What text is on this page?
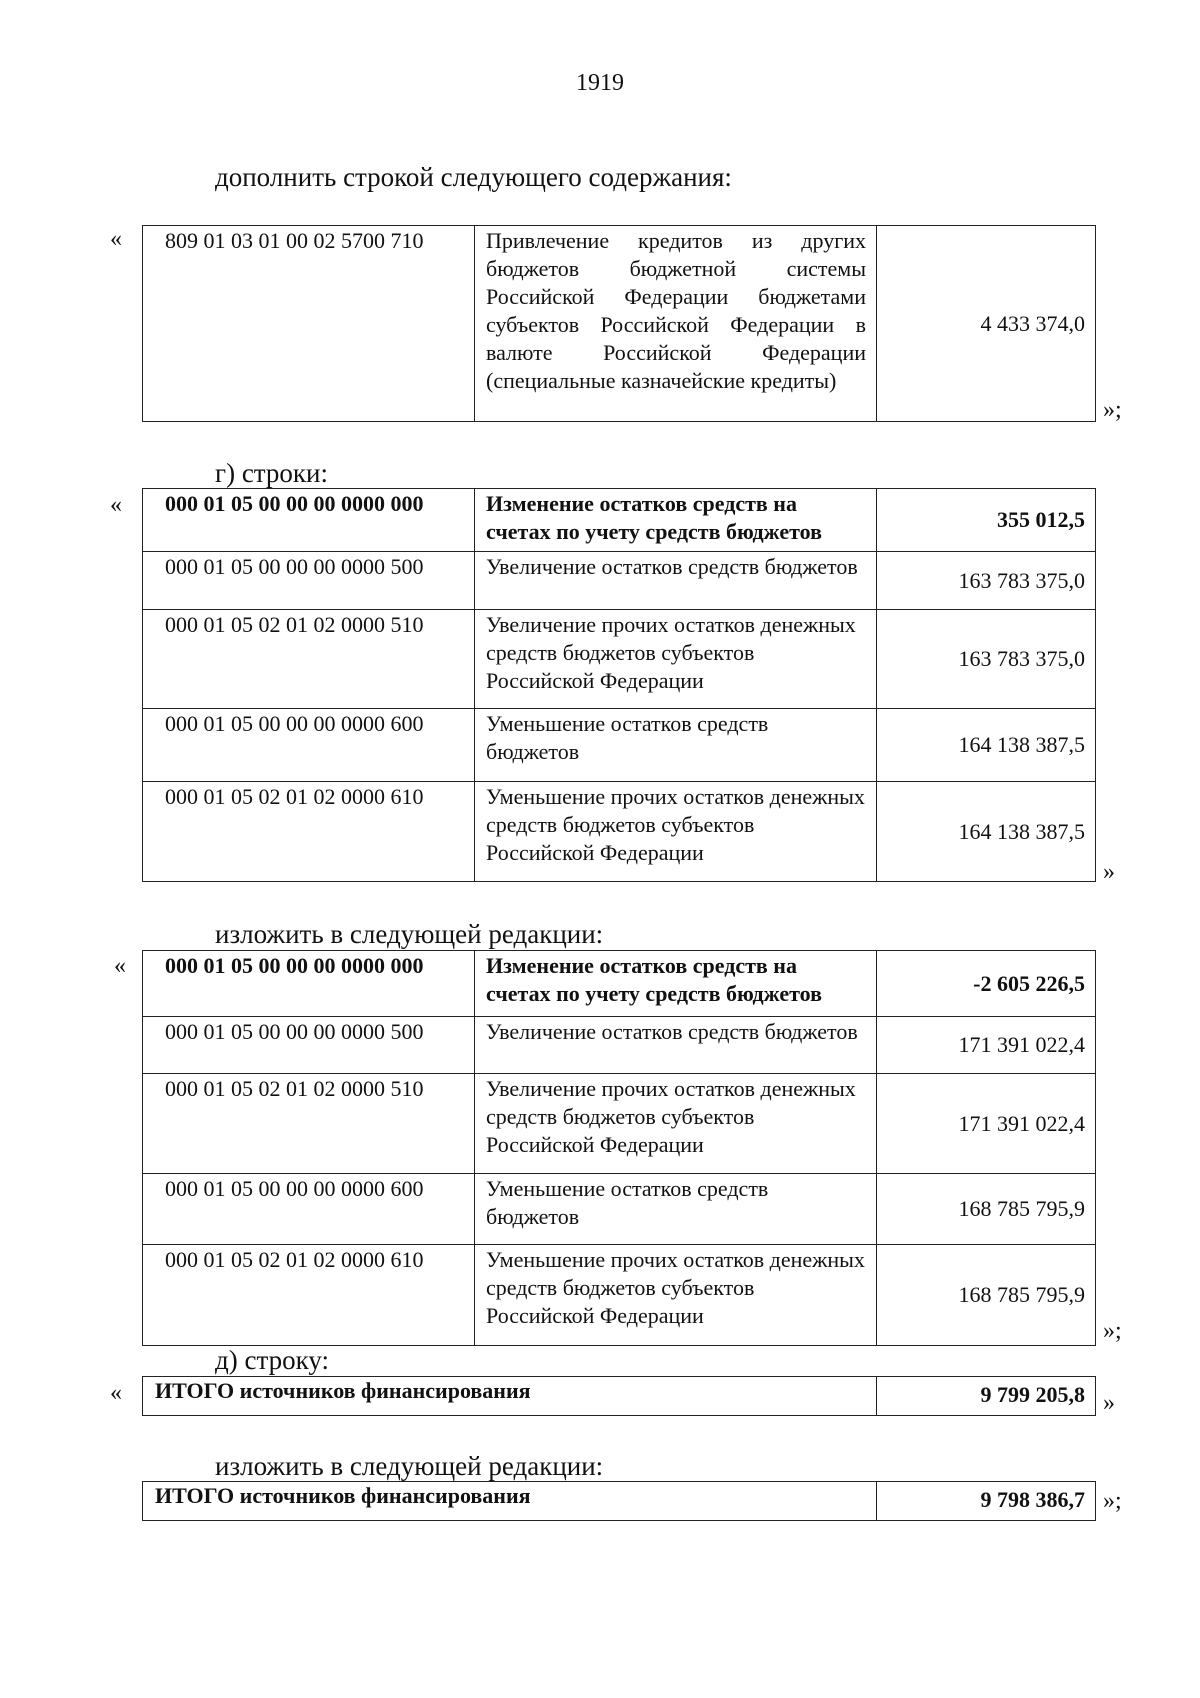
1919
дополнить строкой следующего содержания:
« 809 01 03 01 00 02 5700 710	Привлечение кредитов из других бюджетов бюджетной системы Российской Федерации бюджетами субъектов Российской Федерации в валюте Российской Федерации (специальные казначейские кредиты)	4 433 374,0
»;
г) строки:
« 000 01 05 00 00 00 0000 000	Изменение остатков средств на счетах по учету средств бюджетов	355 012,5
000 01 05 00 00 00 0000 500	Увеличение остатков средств бюджетов	163 783 375,0
000 01 05 02 01 02 0000 510	Увеличение прочих остатков денежных средств бюджетов субъектов Российской Федерации	163 783 375,0
000 01 05 00 00 00 0000 600	Уменьшение остатков средств бюджетов	164 138 387,5
000 01 05 02 01 02 0000 610	Уменьшение прочих остатков денежных средств бюджетов субъектов Российской Федерации	164 138 387,5
»
изложить в следующей редакции:
« 000 01 05 00 00 00 0000 000	Изменение остатков средств на счетах по учету средств бюджетов	-2 605 226,5
000 01 05 00 00 00 0000 500	Увеличение остатков средств бюджетов	171 391 022,4
000 01 05 02 01 02 0000 510	Увеличение прочих остатков денежных средств бюджетов субъектов Российской Федерации	171 391 022,4
000 01 05 00 00 00 0000 600	Уменьшение остатков средств бюджетов	168 785 795,9
000 01 05 02 01 02 0000 610	Уменьшение прочих остатков денежных средств бюджетов субъектов Российской Федерации	168 785 795,9
»;
д) строку:
« ИТОГО источников финансирования	9 799 205,8 »
изложить в следующей редакции:
ИТОГО источников финансирования	9 798 386,7 »;
